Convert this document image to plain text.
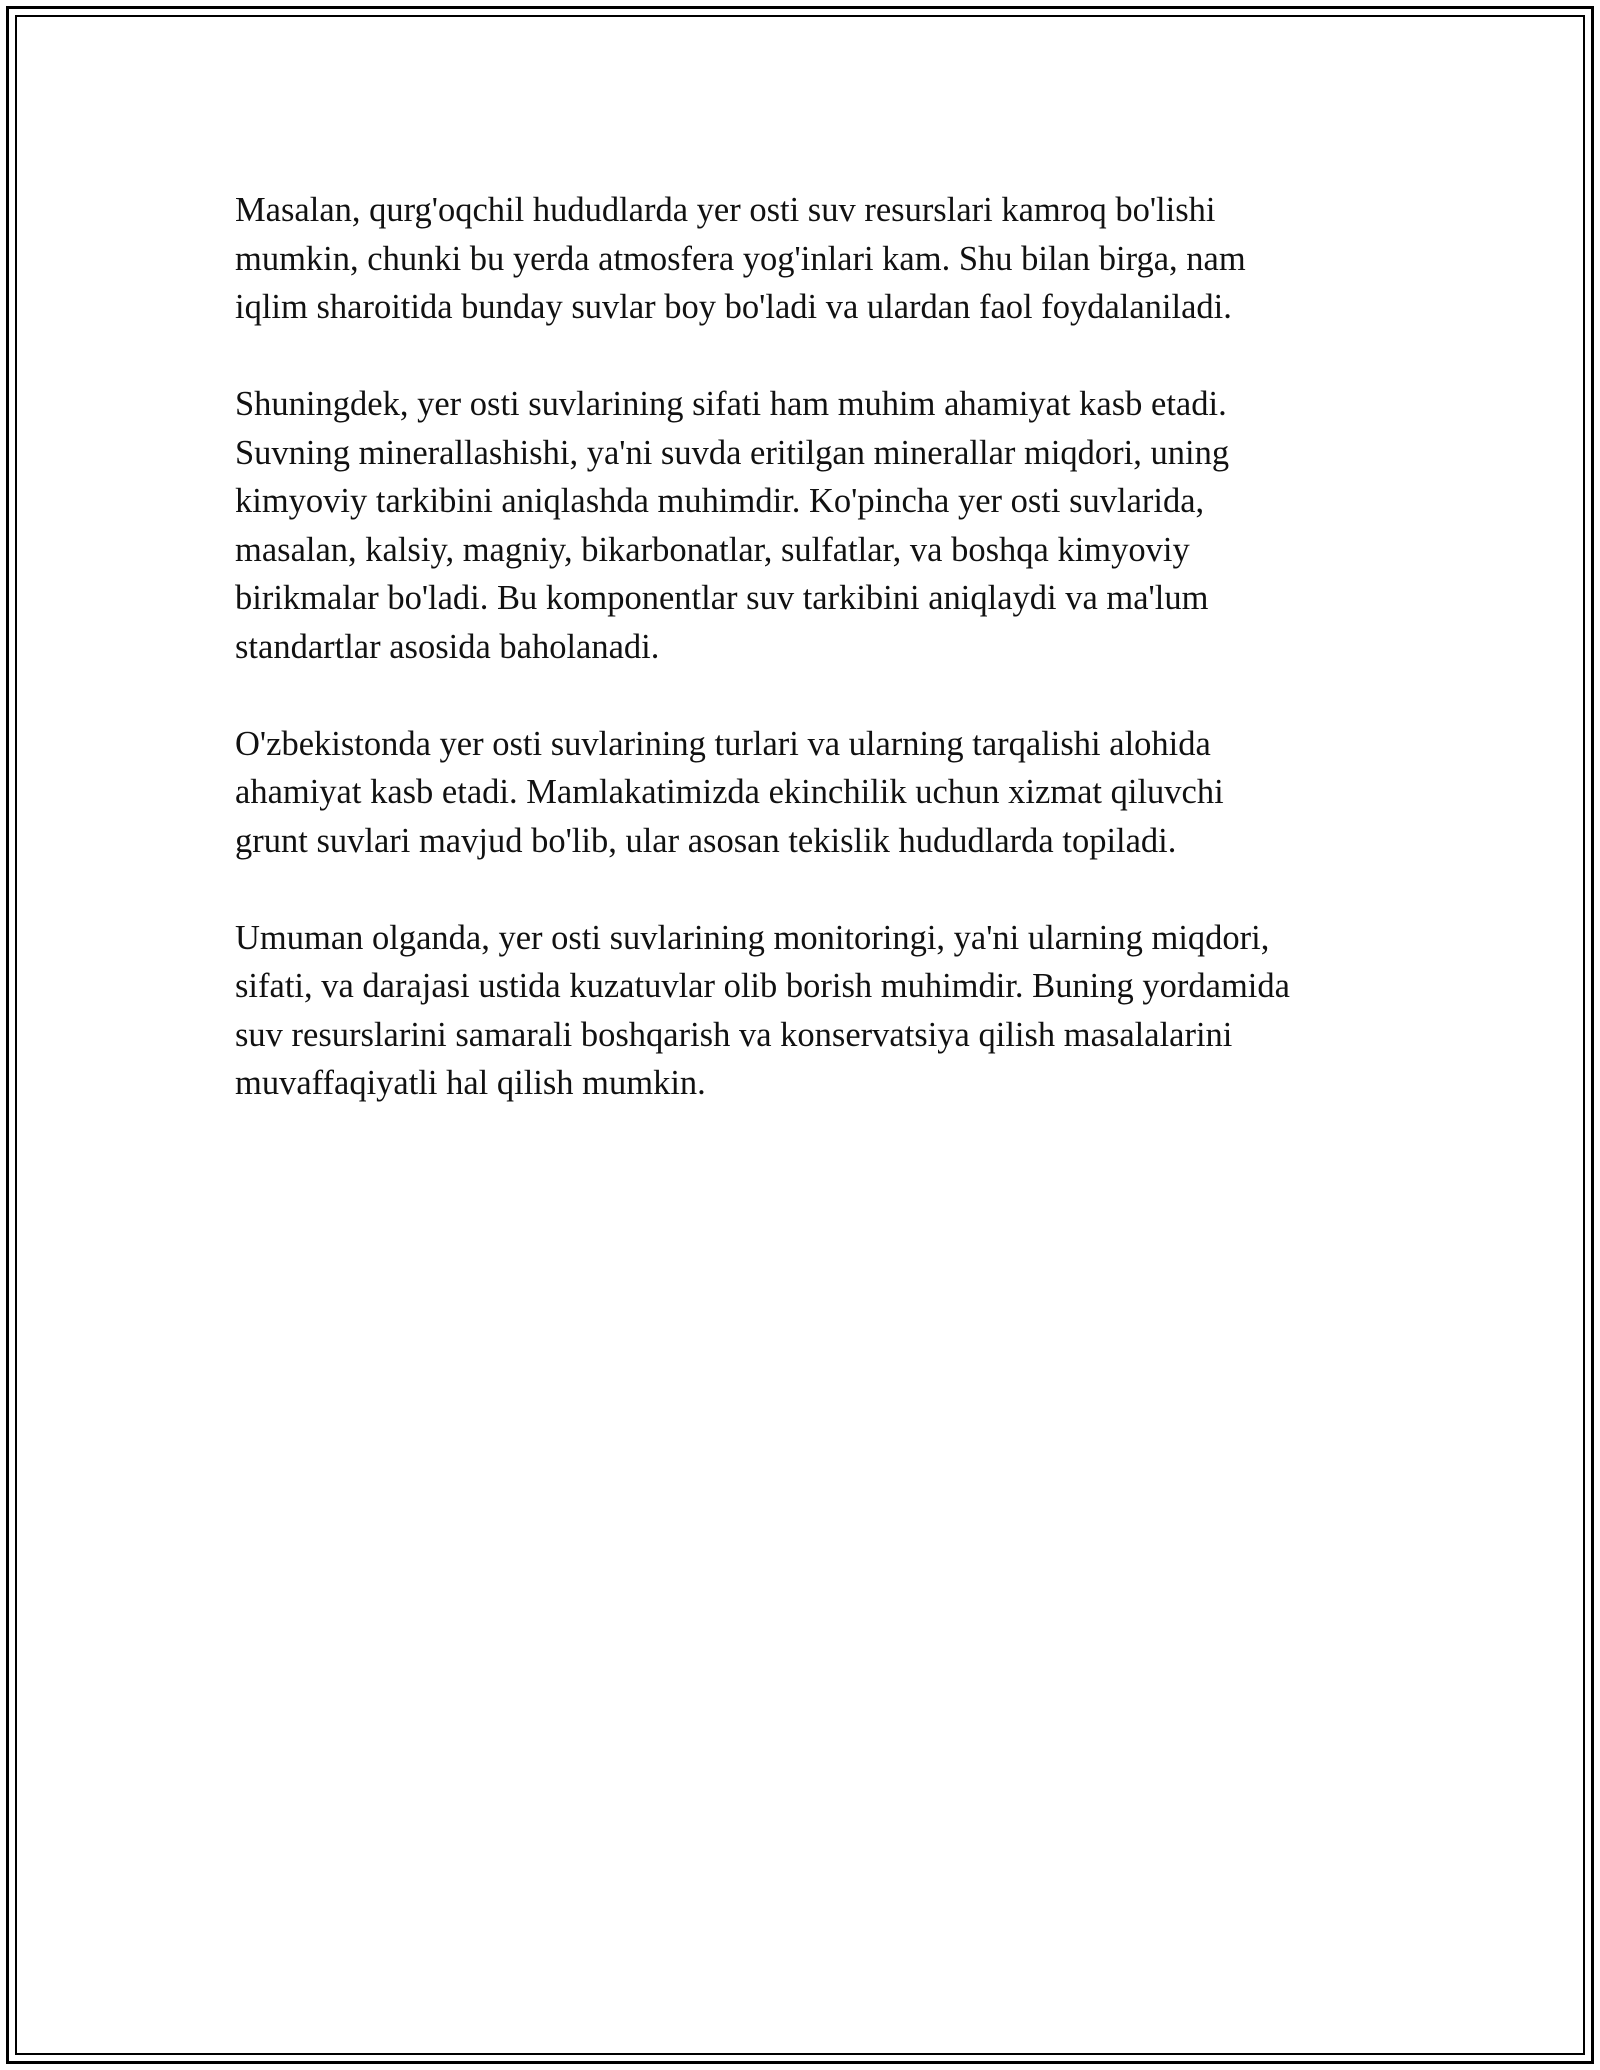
Masalan, qurg'oqchil hududlarda yer osti suv resurslari kamroq bo'lishi
mumkin, chunki bu yerda atmosfera yog'inlari kam. Shu bilan birga, nam
iqlim sharoitida bunday suvlar boy bo'ladi va ulardan faol foydalaniladi.

Shuningdek, yer osti suvlarining sifati ham muhim ahamiyat kasb etadi.
Suvning minerallashishi, ya'ni suvda eritilgan minerallar miqdori, uning
kimyoviy tarkibini aniqlashda muhimdir. Ko'pincha yer osti suvlarida,
masalan, kalsiy, magniy, bikarbonatlar, sulfatlar, va boshqa kimyoviy
birikmalar bo'ladi. Bu komponentlar suv tarkibini aniqlaydi va ma'lum
standartlar asosida baholanadi.

O'zbekistonda yer osti suvlarining turlari va ularning tarqalishi alohida
ahamiyat kasb etadi. Mamlakatimizda ekinchilik uchun xizmat qiluvchi
grunt suvlari mavjud bo'lib, ular asosan tekislik hududlarda topiladi.

Umuman olganda, yer osti suvlarining monitoringi, ya'ni ularning miqdori,
sifati, va darajasi ustida kuzatuvlar olib borish muhimdir. Buning yordamida
suv resurslarini samarali boshqarish va konservatsiya qilish masalalarini
muvaffaqiyatli hal qilish mumkin.
